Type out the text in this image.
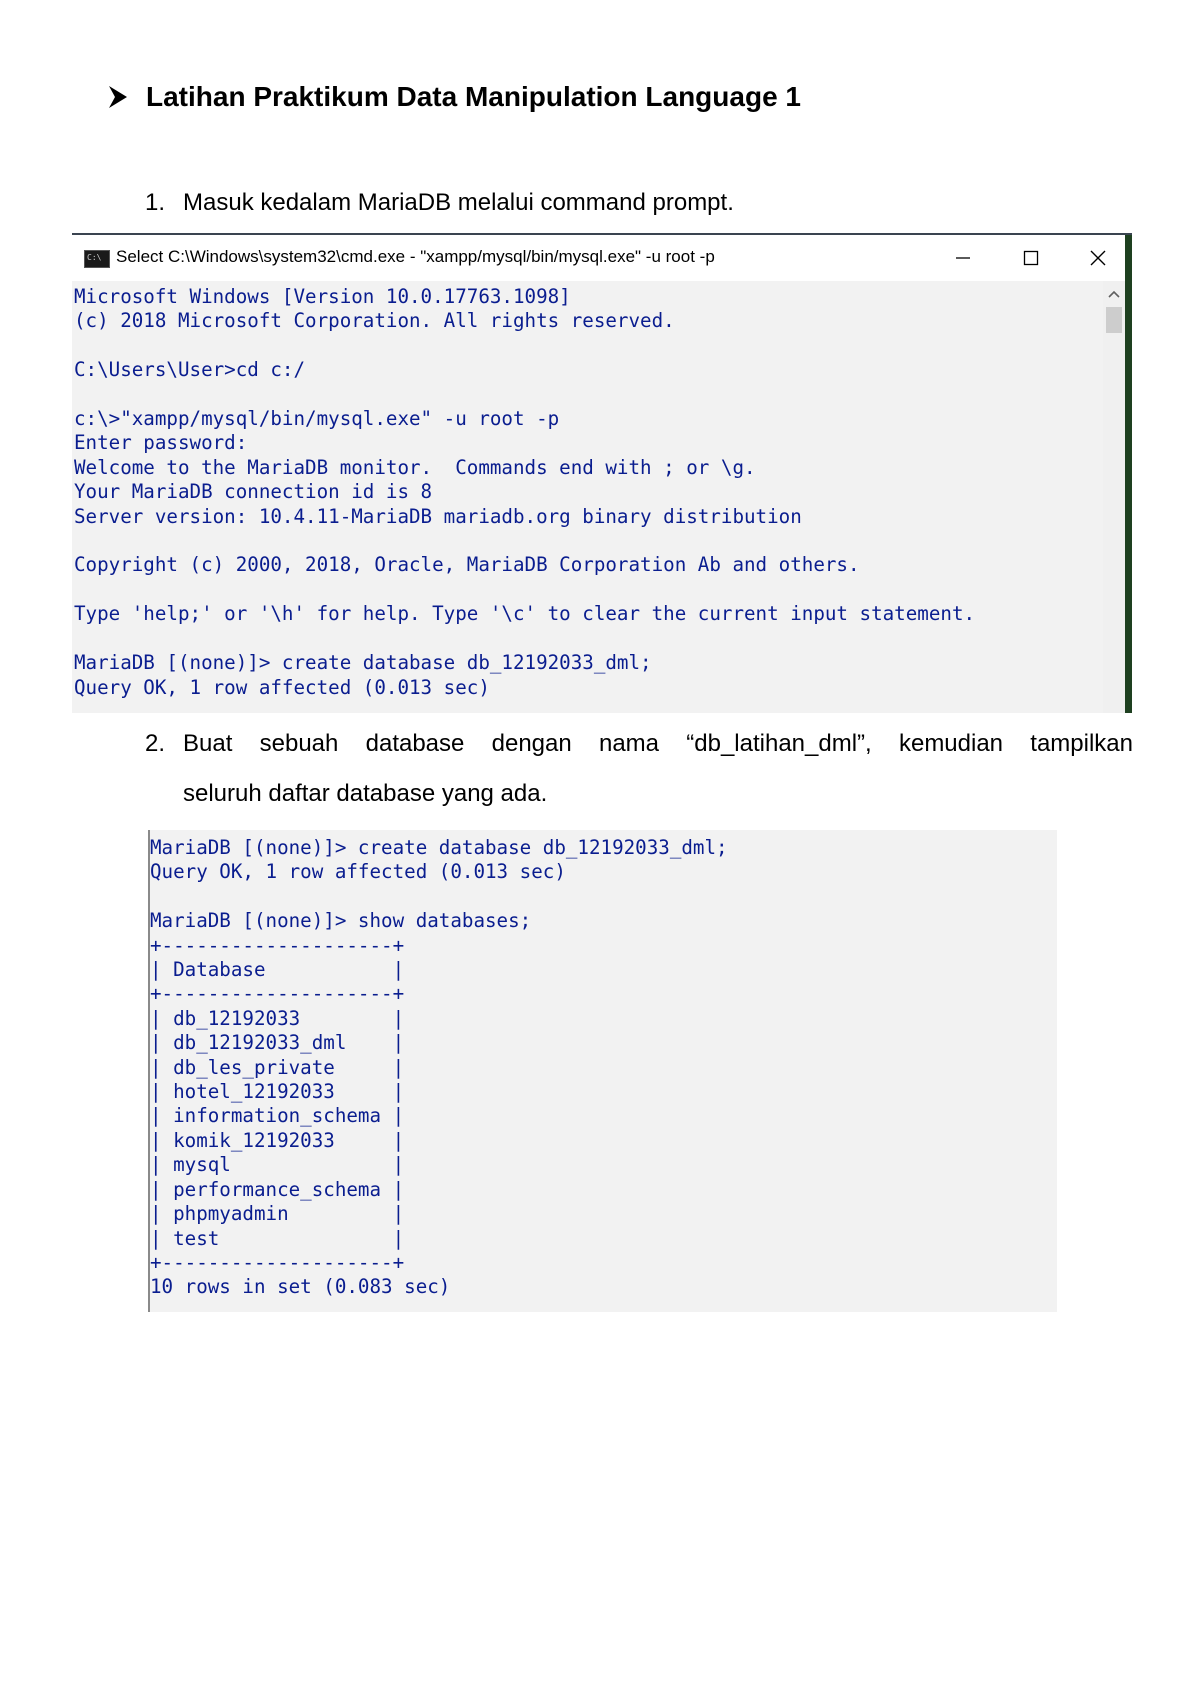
Latihan Praktikum Data Manipulation Language 1
1. Masuk kedalam MariaDB melalui command prompt.
C:\ Select C:\Windows\system32\cmd.exe - "xampp/mysql/bin/mysql.exe" -u root -p
Microsoft Windows [Version 10.0.17763.1098]
(c) 2018 Microsoft Corporation. All rights reserved.

C:\Users\User>cd c:/

c:\>"xampp/mysql/bin/mysql.exe" -u root -p
Enter password:
Welcome to the MariaDB monitor.  Commands end with ; or \g.
Your MariaDB connection id is 8
Server version: 10.4.11-MariaDB mariadb.org binary distribution

Copyright (c) 2000, 2018, Oracle, MariaDB Corporation Ab and others.

Type 'help;' or '\h' for help. Type '\c' to clear the current input statement.

MariaDB [(none)]> create database db_12192033_dml;
Query OK, 1 row affected (0.013 sec)
2. Buat sebuah database dengan nama “db_latihan_dml”, kemudian tampilkan
seluruh daftar database yang ada.
MariaDB [(none)]> create database db_12192033_dml;
Query OK, 1 row affected (0.013 sec)

MariaDB [(none)]> show databases;
+--------------------+
| Database           |
+--------------------+
| db_12192033        |
| db_12192033_dml    |
| db_les_private     |
| hotel_12192033     |
| information_schema |
| komik_12192033     |
| mysql              |
| performance_schema |
| phpmyadmin         |
| test               |
+--------------------+
10 rows in set (0.083 sec)
